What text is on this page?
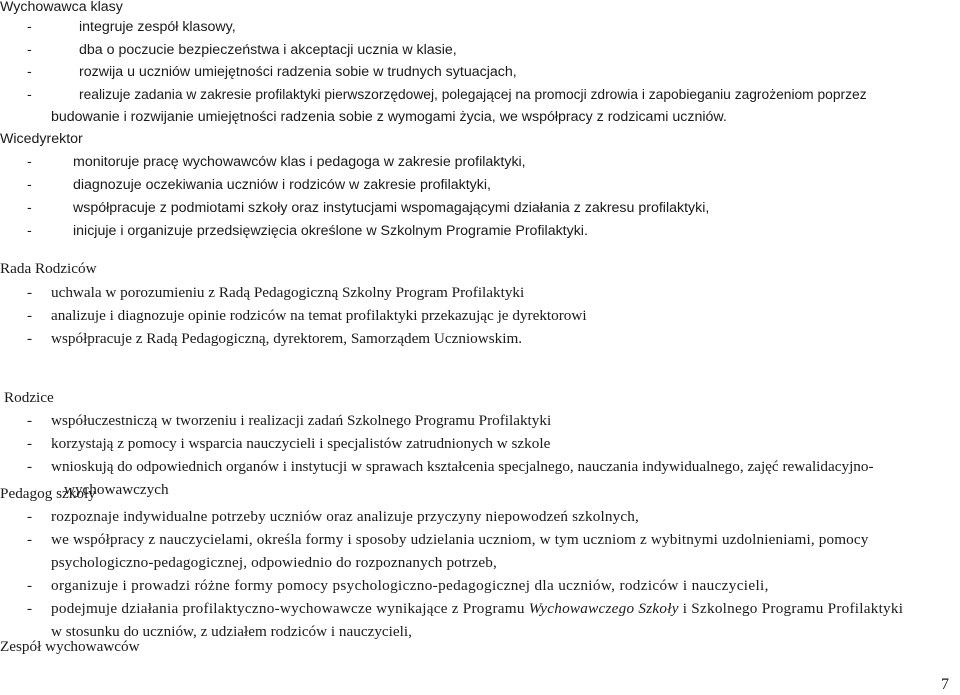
Wychowawca klasy
-	integruje zespół klasowy,
-	dba o poczucie bezpieczeństwa i akceptacji ucznia w klasie,
-	rozwija u uczniów umiejętności radzenia sobie w trudnych sytuacjach,
-	realizuje zadania w zakresie profilaktyki pierwszorzędowej, polegającej na promocji zdrowia i zapobieganiu zagrożeniom poprzez
budowanie i rozwijanie umiejętności radzenia sobie z wymogami życia, we współpracy z rodzicami uczniów.
Wicedyrektor
-	monitoruje pracę wychowawców klas i pedagoga w zakresie profilaktyki,
-	diagnozuje oczekiwania uczniów i rodziców w zakresie profilaktyki,
-	współpracuje z podmiotami szkoły oraz instytucjami wspomagającymi działania z zakresu profilaktyki,
-	inicjuje i organizuje przedsięwzięcia określone w Szkolnym Programie Profilaktyki.
Rada Rodziców
- uchwala w porozumieniu z Radą Pedagogiczną Szkolny Program Profilaktyki
- analizuje i diagnozuje opinie rodziców na temat profilaktyki przekazując je dyrektorowi
- współpracuje z Radą Pedagogiczną, dyrektorem, Samorządem Uczniowskim.
Rodzice
- współuczestniczą w tworzeniu i realizacji zadań Szkolnego Programu Profilaktyki
- korzystają z pomocy i wsparcia nauczycieli i specjalistów zatrudnionych w szkole
- wnioskują do odpowiednich organów i instytucji w sprawach kształcenia specjalnego, nauczania indywidualnego, zajęć rewalidacyjno-
wychowawczych
Pedagog szkoły
- rozpoznaje indywidualne potrzeby uczniów oraz analizuje przyczyny niepowodzeń szkolnych,
- we współpracy z nauczycielami, określa formy i sposoby udzielania uczniom, w tym uczniom z wybitnymi uzdolnieniami, pomocy
psychologiczno-pedagogicznej, odpowiednio do rozpoznanych potrzeb,
- organizuje i prowadzi różne formy pomocy psychologiczno-pedagogicznej dla uczniów, rodziców i nauczycieli,
- podejmuje działania profilaktyczno-wychowawcze wynikające z Programu Wychowawczego Szkoły i Szkolnego Programu Profilaktyki
w stosunku do uczniów, z udziałem rodziców i nauczycieli,
Zespół wychowawców
7
